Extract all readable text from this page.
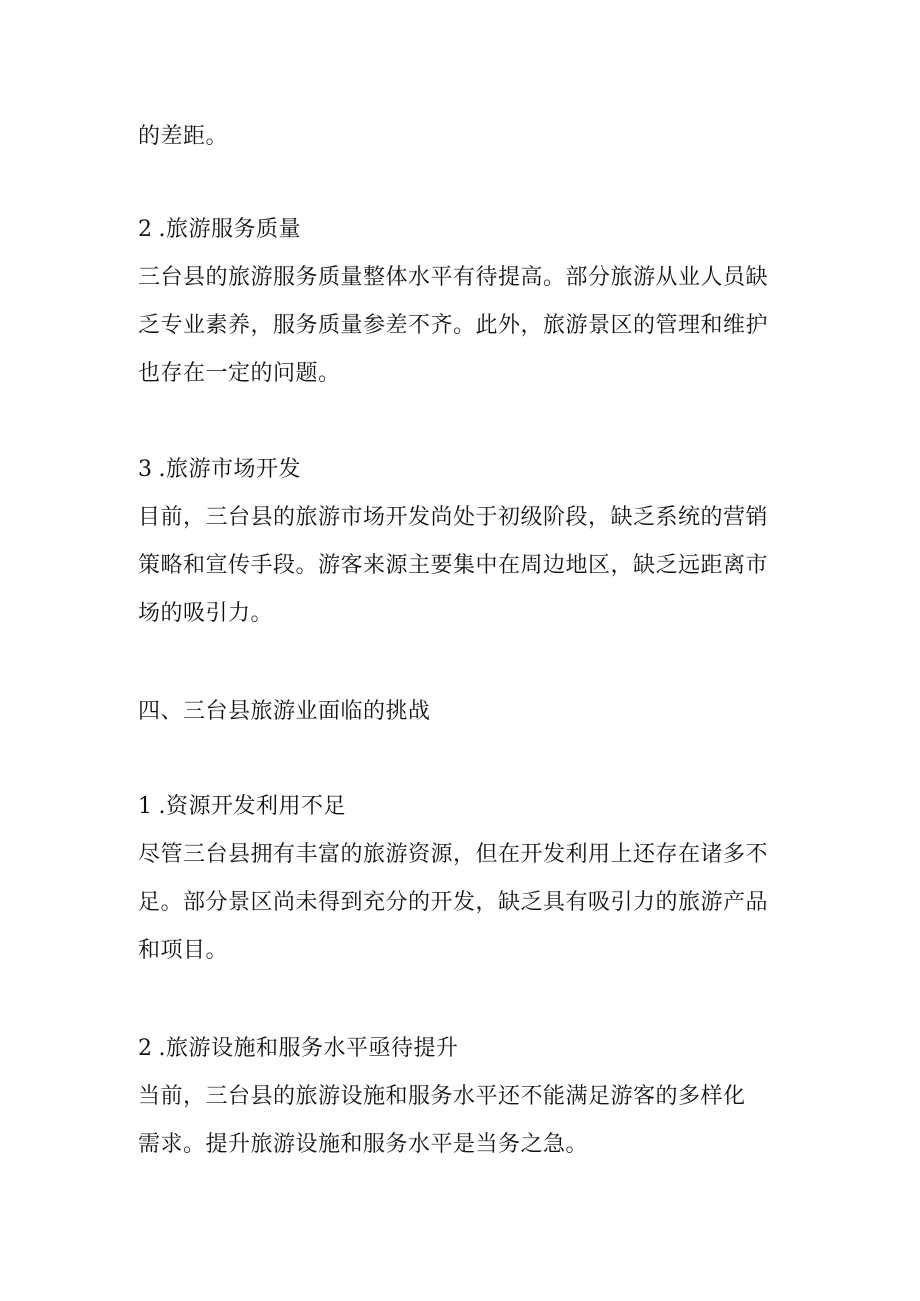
的差距。
2 .旅游服务质量
三台县的旅游服务质量整体水平有待提高。部分旅游从业人员缺
乏专业素养，服务质量参差不齐。此外，旅游景区的管理和维护
也存在一定的问题。
3 .旅游市场开发
目前，三台县的旅游市场开发尚处于初级阶段，缺乏系统的营销
策略和宣传手段。游客来源主要集中在周边地区，缺乏远距离市
场的吸引力。
四、三台县旅游业面临的挑战
1 .资源开发利用不足
尽管三台县拥有丰富的旅游资源，但在开发利用上还存在诸多不
足。部分景区尚未得到充分的开发，缺乏具有吸引力的旅游产品
和项目。
2 .旅游设施和服务水平亟待提升
当前，三台县的旅游设施和服务水平还不能满足游客的多样化
需求。提升旅游设施和服务水平是当务之急。
